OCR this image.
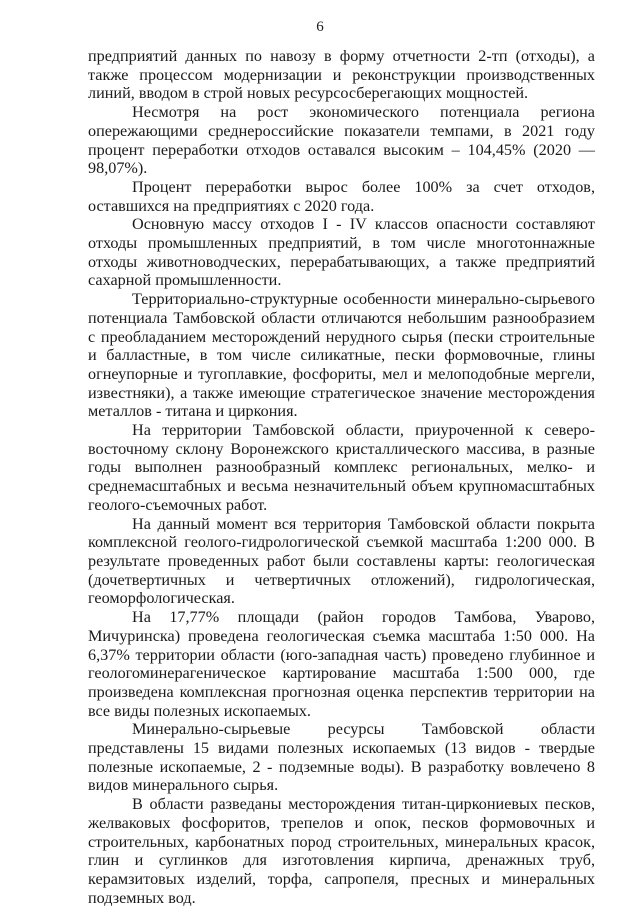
6

предприятий данных по навозу в форму отчетности 2-тп (отходы), а также процессом модернизации и реконструкции производственных линий, вводом в строй новых ресурсосберегающих мощностей.

Несмотря на рост экономического потенциала региона опережающими среднероссийские показатели темпами, в 2021 году процент переработки отходов оставался высоким – 104,45% (2020 — 98,07%).

Процент переработки вырос более 100% за счет отходов, оставшихся на предприятиях с 2020 года.

Основную массу отходов I - IV классов опасности составляют отходы промышленных предприятий, в том числе многотоннажные отходы животноводческих, перерабатывающих, а также предприятий сахарной промышленности.

Территориально-структурные особенности минерально-сырьевого потенциала Тамбовской области отличаются небольшим разнообразием с преобладанием месторождений нерудного сырья (пески строительные и балластные, в том числе силикатные, пески формовочные, глины огнеупорные и тугоплавкие, фосфориты, мел и мелоподобные мергели, известняки), а также имеющие стратегическое значение месторождения металлов - титана и циркония.

На территории Тамбовской области, приуроченной к северо-восточному склону Воронежского кристаллического массива, в разные годы выполнен разнообразный комплекс региональных, мелко- и среднемасштабных и весьма незначительный объем крупномасштабных геолого-съемочных работ.

На данный момент вся территория Тамбовской области покрыта комплексной геолого-гидрологической съемкой масштаба 1:200 000. В результате проведенных работ были составлены карты: геологическая (дочетвертичных и четвертичных отложений), гидрологическая, геоморфологическая.

На 17,77% площади (район городов Тамбова, Уварово, Мичуринска) проведена геологическая съемка масштаба 1:50 000. На 6,37% территории области (юго-западная часть) проведено глубинное и геологоминерагеническое картирование масштаба 1:500 000, где произведена комплексная прогнозная оценка перспектив территории на все виды полезных ископаемых.

Минерально-сырьевые ресурсы Тамбовской области представлены 15 видами полезных ископаемых (13 видов - твердые полезные ископаемые, 2 - подземные воды). В разработку вовлечено 8 видов минерального сырья.

В области разведаны месторождения титан-циркониевых песков, желваковых фосфоритов, трепелов и опок, песков формовочных и строительных, карбонатных пород строительных, минеральных красок, глин и суглинков для изготовления кирпича, дренажных труб, керамзитовых изделий, торфа, сапропеля, пресных и минеральных подземных вод.
